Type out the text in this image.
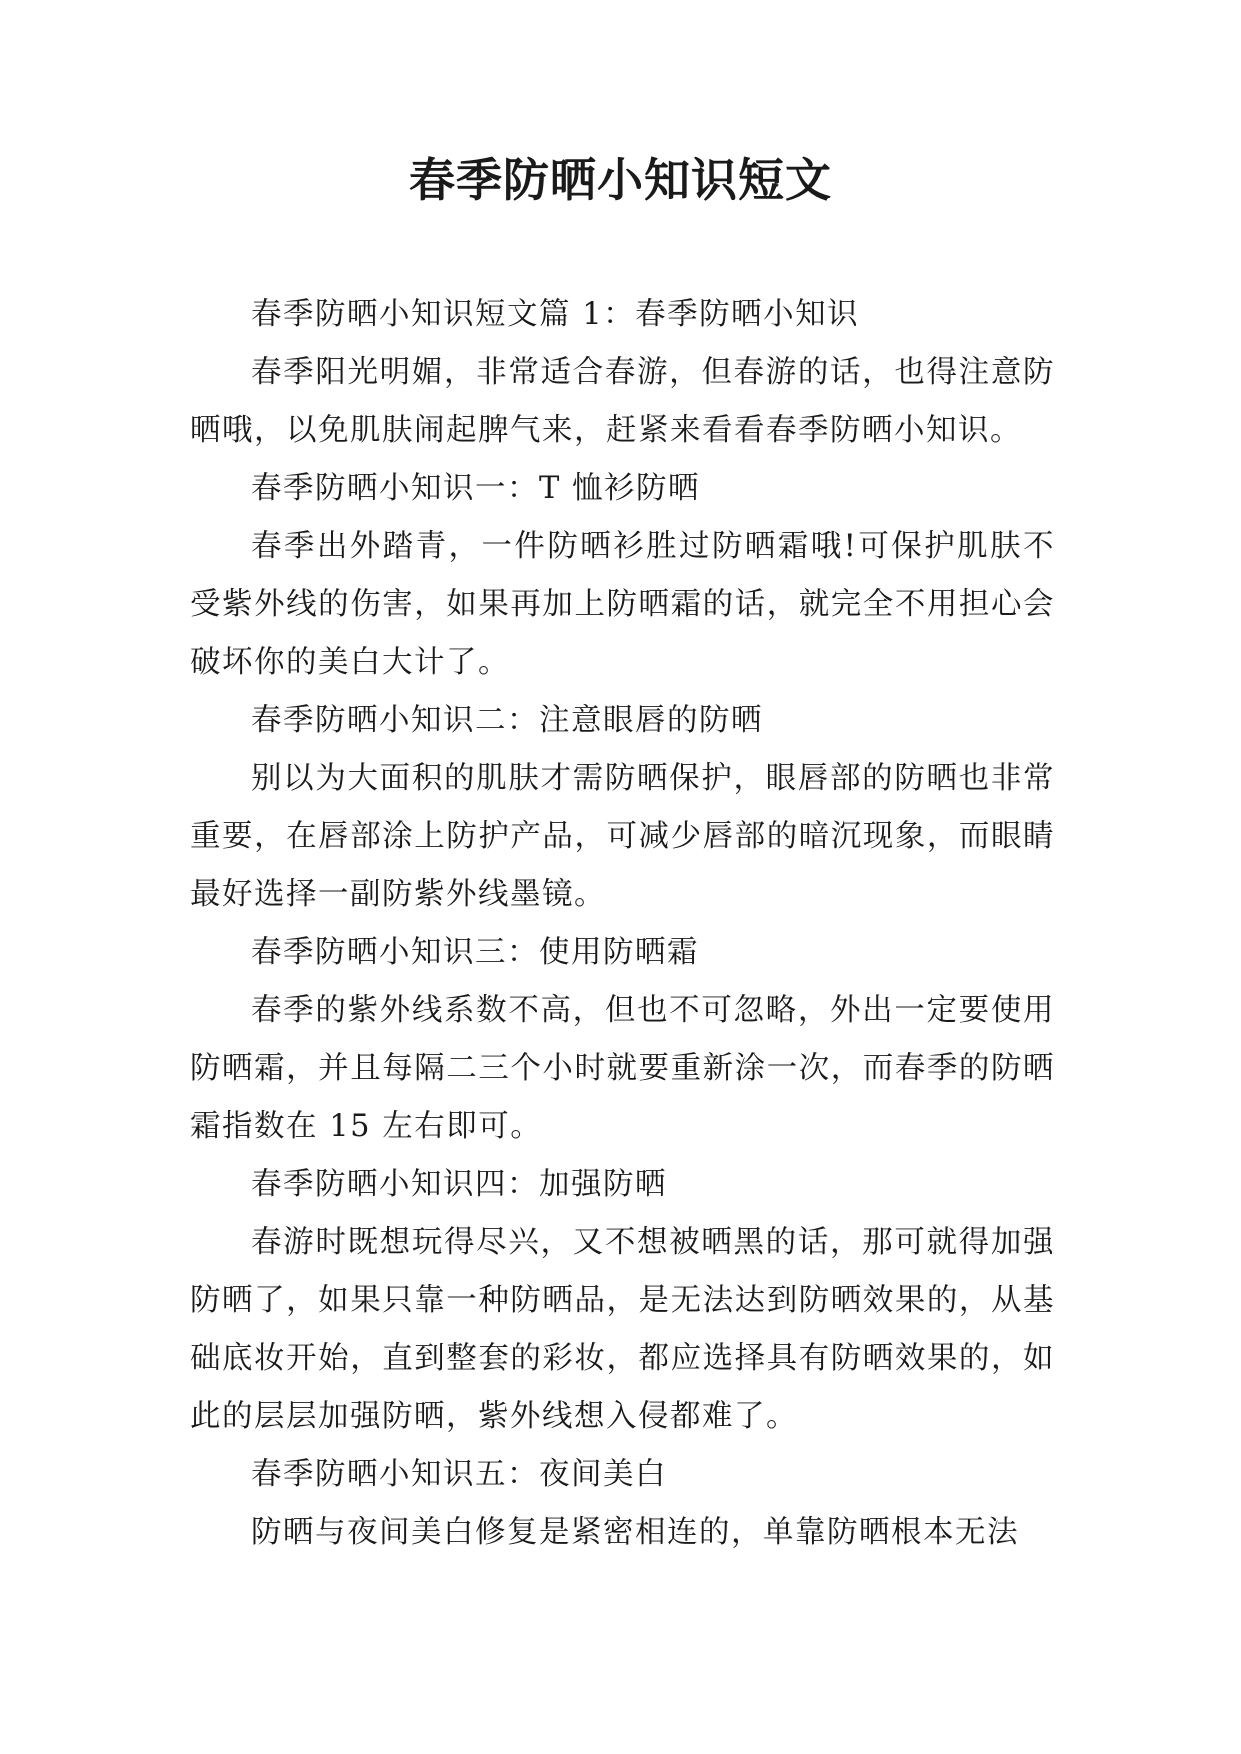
春季防晒小知识短文

春季防晒小知识短文篇 1：春季防晒小知识

春季阳光明媚，非常适合春游，但春游的话，也得注意防晒哦，以免肌肤闹起脾气来，赶紧来看看春季防晒小知识。

春季防晒小知识一：T 恤衫防晒

春季出外踏青，一件防晒衫胜过防晒霜哦!可保护肌肤不受紫外线的伤害，如果再加上防晒霜的话，就完全不用担心会破坏你的美白大计了。

春季防晒小知识二：注意眼唇的防晒

别以为大面积的肌肤才需防晒保护，眼唇部的防晒也非常重要，在唇部涂上防护产品，可减少唇部的暗沉现象，而眼睛最好选择一副防紫外线墨镜。

春季防晒小知识三：使用防晒霜

春季的紫外线系数不高，但也不可忽略，外出一定要使用防晒霜，并且每隔二三个小时就要重新涂一次，而春季的防晒霜指数在 15 左右即可。

春季防晒小知识四：加强防晒

春游时既想玩得尽兴，又不想被晒黑的话，那可就得加强防晒了，如果只靠一种防晒品，是无法达到防晒效果的，从基础底妆开始，直到整套的彩妆，都应选择具有防晒效果的，如此的层层加强防晒，紫外线想入侵都难了。

春季防晒小知识五：夜间美白

防晒与夜间美白修复是紧密相连的，单靠防晒根本无法
